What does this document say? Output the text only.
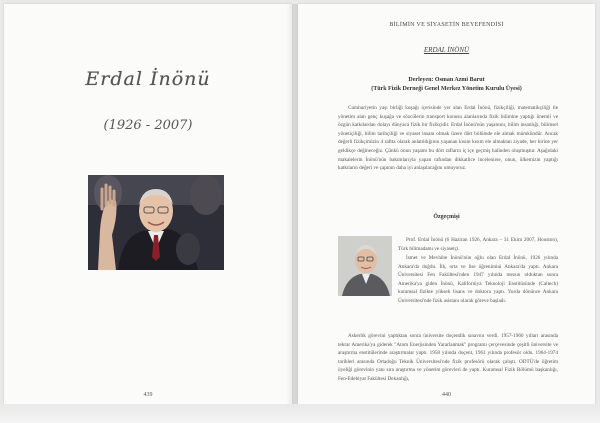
Erdal İnönü
(1926 - 2007)
439
BİLİMİN VE SİYASETİN BEYEFENDİSİ
ERDAL İNÖNÜ
Derleyen: Osman Azmi Barut
(Türk Fizik Derneği Genel Merkez Yönetim Kurulu Üyesi)

Cumhuriyetin yaşı birliği kuşağı içerisinde yer alan Erdal İnönü, fizikçiliği, matematikçiliği ile yönetim alan genç kuşağa ve sözcülerin transport konusu alanlarında fizik bilimine yaptığı önemli ve özgün katkılardan dolayı dünyaca fizik bir fizikçidir. Erdal İnönü'nün yaşamını, bilim insanlığı, bilimsel yönetiçiliği, bilim tarihçiliği ve siyaset insanı olmak üzere dört bölümde ele almak mümkündür. Ancak değerli fizikçimizin 4 raftta olarak anlatıldığının yaşanan kısım kısım ele almaktan ziyade, her birine yer geldikçe değineceğiz. Çünkü onun yaşamı bu dört rafların iç içe geçmiş halinden oluşmuştur. Aşağıdaki makalelerin İnönü'nün bakımlarıyla yapan rafından dikkatlice incelenirse, onun, ülkemizin yaptığı katkıların değeri ve çapının daha iyi anlaşılacağını umuyoruz.

Özgeçmişi

Prof. Erdal İnönü (6 Haziran 1926, Ankara – 31 Ekim 2007, Houston), Türk bilimadamı ve siyasetçi.

İsmet ve Mevhibe İnönü'nün oğlu olan Erdal İnönü, 1926 yılında Ankara'da doğdu. İlk, orta ve lise öğrenimini Ankara'da yaptı. Ankara Üniversitesi Fen Fakültesi'nden 1947 yılında mezun olduktan sonra Amerika'ya giden İnönü, Kaliforniya Teknoloji Enstitüsünde (Caltech) kuramsal fizikte yüksek lisans ve doktora yaptı. Yurda dönünce Ankara Üniversitesi'nde fizik asistanı olarak göreve başladı.

Askerlik görevini yaptıktan sonra üniversite doçentlik sınavını verdi. 1957-1960 yılları arasında tekrar Amerika'ya giderek "Atom Enerjisinden Yararlanmak" programı çerçevesinde çeşitli üniversite ve araştırma enstitülerinde araştırmalar yaptı. 1958 yılında doçent, 1961 yılında profesör oldu. 1964-1974 tarihleri arasında Ortadoğu Teknik Üniversitesi'nde fizik profesörü olarak çalıştı. ODTÜ'de öğretim üyeliği görevinin yanı sıra araştırma ve yönetim görevleri de yaptı. Kuramsal Fizik Bölümü başkanlığı, Fen-Edebiyat Fakültesi Dekanlığı,

440
